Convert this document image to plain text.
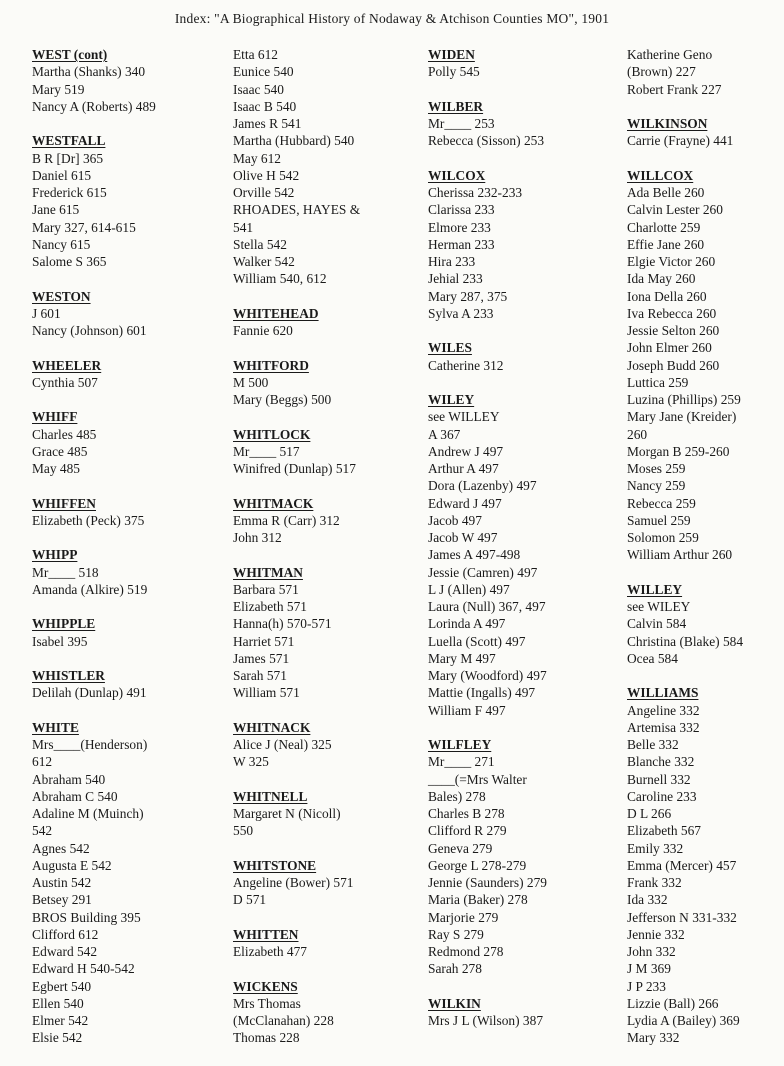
Index: "A Biographical History of Nodaway & Atchison Counties MO", 1901
WEST (cont)
Martha (Shanks) 340
Mary 519
Nancy A (Roberts) 489
WESTFALL
B R [Dr] 365
Daniel 615
Frederick 615
Jane 615
Mary 327, 614-615
Nancy 615
Salome S 365
WESTON
J 601
Nancy (Johnson) 601
WHEELER
Cynthia 507
WHIFF
Charles 485
Grace 485
May 485
WHIFFEN
Elizabeth (Peck) 375
WHIPP
Mr____ 518
Amanda (Alkire) 519
WHIPPLE
Isabel 395
WHISTLER
Delilah (Dunlap) 491
WHITE
Mrs____(Henderson)
612
Abraham 540
Abraham C 540
Adaline M (Muinch)
542
Agnes 542
Augusta E 542
Austin 542
Betsey 291
BROS Building 395
Clifford 612
Edward 542
Edward H 540-542
Egbert 540
Ellen 540
Elmer 542
Elsie 542
Etta 612
Eunice 540
Isaac 540
Isaac B 540
James R 541
Martha (Hubbard) 540
May 612
Olive H 542
Orville 542
RHOADES, HAYES &
541
Stella 542
Walker 542
William 540, 612
WHITEHEAD
Fannie 620
WHITFORD
M 500
Mary (Beggs) 500
WHITLOCK
Mr____ 517
Winifred (Dunlap) 517
WHITMACK
Emma R (Carr) 312
John 312
WHITMAN
Barbara 571
Elizabeth 571
Hanna(h) 570-571
Harriet 571
James 571
Sarah 571
William 571
WHITNACK
Alice J (Neal) 325
W 325
WHITNELL
Margaret N (Nicoll)
550
WHITSTONE
Angeline (Bower) 571
D 571
WHITTEN
Elizabeth 477
WICKENS
Mrs Thomas
(McClanahan) 228
Thomas 228
WIDEN
Polly 545
WILBER
Mr____ 253
Rebecca (Sisson) 253
WILCOX
Cherissa 232-233
Clarissa 233
Elmore 233
Herman 233
Hira 233
Jehial 233
Mary 287, 375
Sylva A 233
WILES
Catherine 312
WILEY
see WILLEY
A 367
Andrew J 497
Arthur A 497
Dora (Lazenby) 497
Edward J 497
Jacob 497
Jacob W 497
James A 497-498
Jessie (Camren) 497
L J (Allen) 497
Laura (Null) 367, 497
Lorinda A 497
Luella (Scott) 497
Mary M 497
Mary (Woodford) 497
Mattie (Ingalls) 497
William F 497
WILFLEY
Mr____ 271
____(=Mrs Walter
Bales) 278
Charles B 278
Clifford R 279
Geneva 279
George L 278-279
Jennie (Saunders) 279
Maria (Baker) 278
Marjorie 279
Ray S 279
Redmond 278
Sarah 278
WILKIN
Mrs J L (Wilson) 387
Katherine Geno
(Brown) 227
Robert Frank 227
WILKINSON
Carrie (Frayne) 441
WILLCOX
Ada Belle 260
Calvin Lester 260
Charlotte 259
Effie Jane 260
Elgie Victor 260
Ida May 260
Iona Della 260
Iva Rebecca 260
Jessie Selton 260
John Elmer 260
Joseph Budd 260
Luttica 259
Luzina (Phillips) 259
Mary Jane (Kreider)
260
Morgan B 259-260
Moses 259
Nancy 259
Rebecca 259
Samuel 259
Solomon 259
William Arthur 260
WILLEY
see WILEY
Calvin 584
Christina (Blake) 584
Ocea 584
WILLIAMS
Angeline 332
Artemisa 332
Belle 332
Blanche 332
Burnell 332
Caroline 233
D L 266
Elizabeth 567
Emily 332
Emma (Mercer) 457
Frank 332
Ida 332
Jefferson N 331-332
Jennie 332
John 332
J M 369
J P 233
Lizzie (Ball) 266
Lydia A (Bailey) 369
Mary 332
